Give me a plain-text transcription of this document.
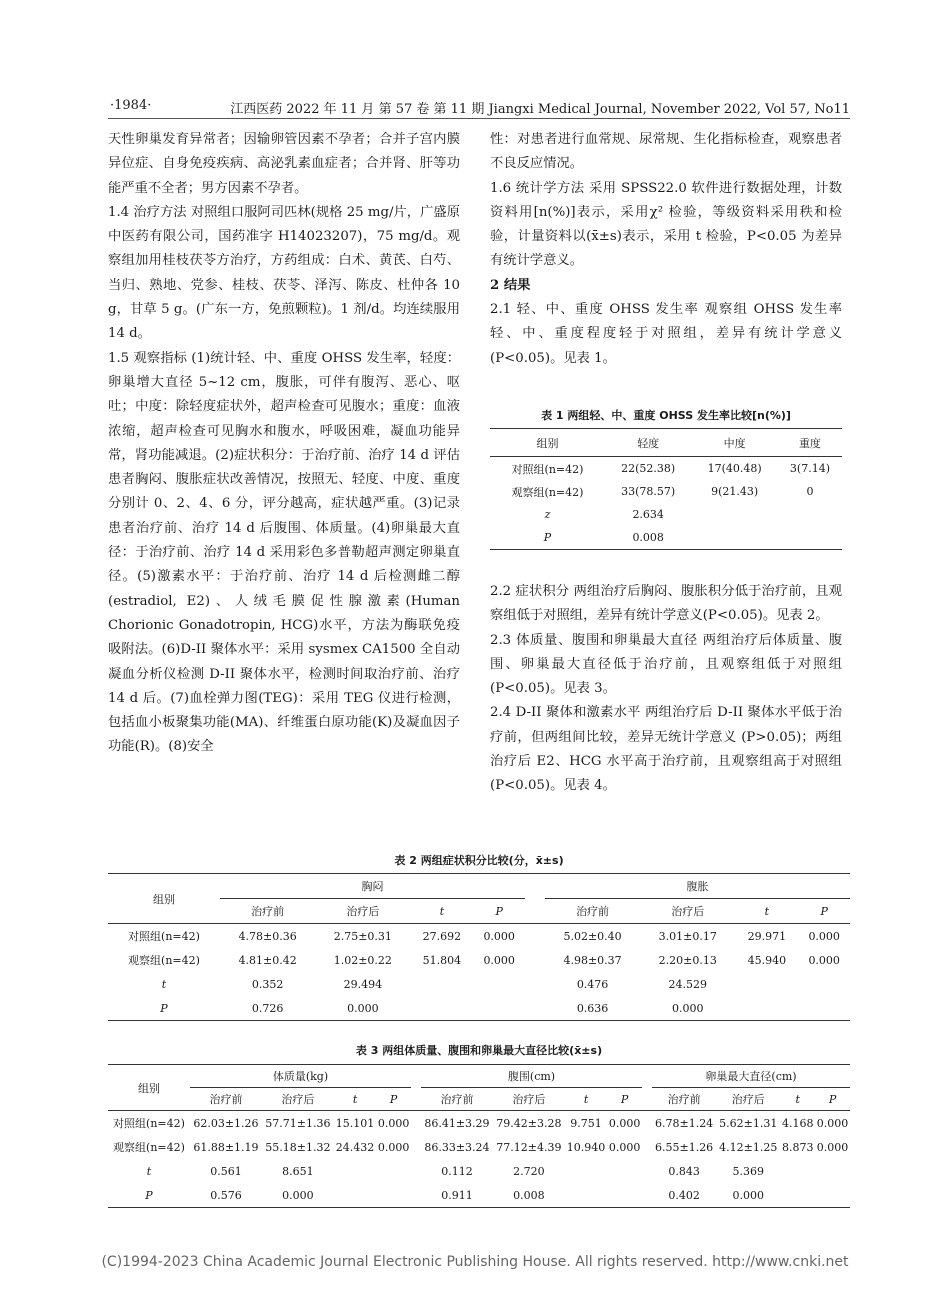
·1984·	江西医药 2022 年 11 月 第 57 卷 第 11 期 Jiangxi Medical Journal, November 2022, Vol 57, No11

天性卵巢发育异常者；因输卵管因素不孕者；合并子宫内膜异位症、自身免疫疾病、高泌乳素血症者；合并肾、肝等功能严重不全者；男方因素不孕者。

1.4 治疗方法 对照组口服阿司匹林(规格 25 mg/片，广盛原中医药有限公司，国药准字 H14023207)，75 mg/d。观察组加用桂枝茯苓方治疗，方药组成：白术、黄芪、白芍、当归、熟地、党参、桂枝、茯苓、泽泻、陈皮、杜仲各 10 g，甘草 5 g。(广东一方，免煎颗粒)。1 剂/d。均连续服用 14 d。

1.5 观察指标 (1)统计轻、中、重度 OHSS 发生率，轻度：卵巢增大直径 5~12 cm，腹胀，可伴有腹泻、恶心、呕吐；中度：除轻度症状外，超声检查可见腹水；重度：血液浓缩，超声检查可见胸水和腹水，呼吸困难，凝血功能异常，肾功能减退。(2)症状积分：于治疗前、治疗 14 d 评估患者胸闷、腹胀症状改善情况，按照无、轻度、中度、重度分别计 0、2、4、6 分，评分越高，症状越严重。(3)记录患者治疗前、治疗 14 d 后腹围、体质量。(4)卵巢最大直径：于治疗前、治疗 14 d 采用彩色多普勒超声测定卵巢直径。(5)激素水平：于治疗前、治疗 14 d 后检测雌二醇 (estradiol, E2)、人绒毛膜促性腺激素(Human Chorionic Gonadotropin, HCG)水平，方法为酶联免疫吸附法。(6)D-II 聚体水平：采用 sysmex CA1500 全自动凝血分析仪检测 D-II 聚体水平，检测时间取治疗前、治疗 14 d 后。(7)血栓弹力图(TEG)：采用 TEG 仪进行检测，包括血小板聚集功能(MA)、纤维蛋白原功能(K)及凝血因子功能(R)。(8)安全

性：对患者进行血常规、尿常规、生化指标检查，观察患者不良反应情况。

1.6 统计学方法 采用 SPSS22.0 软件进行数据处理，计数资料用[n(%)]表示，采用χ² 检验，等级资料采用秩和检验，计量资料以(x̄±s)表示，采用 t 检验，P<0.05 为差异有统计学意义。

2 结果

2.1 轻、中、重度 OHSS 发生率 观察组 OHSS 发生率轻、中、重度程度轻于对照组，差异有统计学意义(P<0.05)。见表 1。

表 1 两组轻、中、重度 OHSS 发生率比较[n(%)]
组别	轻度	中度	重度
对照组(n=42)	22(52.38)	17(40.48)	3(7.14)
观察组(n=42)	33(78.57)	9(21.43)	0
z	2.634		
P	0.008		

2.2 症状积分 两组治疗后胸闷、腹胀积分低于治疗前，且观察组低于对照组，差异有统计学意义(P<0.05)。见表 2。

2.3 体质量、腹围和卵巢最大直径 两组治疗后体质量、腹围、卵巢最大直径低于治疗前，且观察组低于对照组(P<0.05)。见表 3。

2.4 D-II 聚体和激素水平 两组治疗后 D-II 聚体水平低于治疗前，但两组间比较，差异无统计学意义 (P>0.05)；两组治疗后 E2、HCG 水平高于治疗前，且观察组高于对照组(P<0.05)。见表 4。

表 2 两组症状积分比较(分，x̄±s)
组别	胸闷					腹胀			
	治疗前	治疗后	t	P		治疗前	治疗后	t	P
对照组(n=42)	4.78±0.36	2.75±0.31	27.692	0.000		5.02±0.40	3.01±0.17	29.971	0.000
观察组(n=42)	4.81±0.42	1.02±0.22	51.804	0.000		4.98±0.37	2.20±0.13	45.940	0.000
t	0.352	29.494				0.476	24.529		
P	0.726	0.000				0.636	0.000		
表 3 两组体质量、腹围和卵巢最大直径比较(x̄±s)
组别	体质量(kg)					腹围(cm)					卵巢最大直径(cm)			
	治疗前	治疗后	t	P		治疗前	治疗后	t	P		治疗前	治疗后	t	P
对照组(n=42)	62.03±1.26	57.71±1.36	15.101	0.000		86.41±3.29	79.42±3.28	9.751	0.000		6.78±1.24	5.62±1.31	4.168	0.000
观察组(n=42)	61.88±1.19	55.18±1.32	24.432	0.000		86.33±3.24	77.12±4.39	10.940	0.000		6.55±1.26	4.12±1.25	8.873	0.000
t	0.561	8.651				0.112	2.720				0.843	5.369		
P	0.576	0.000				0.911	0.008				0.402	0.000		
(C)1994-2023 China Academic Journal Electronic Publishing House. All rights reserved. http://www.cnki.net
